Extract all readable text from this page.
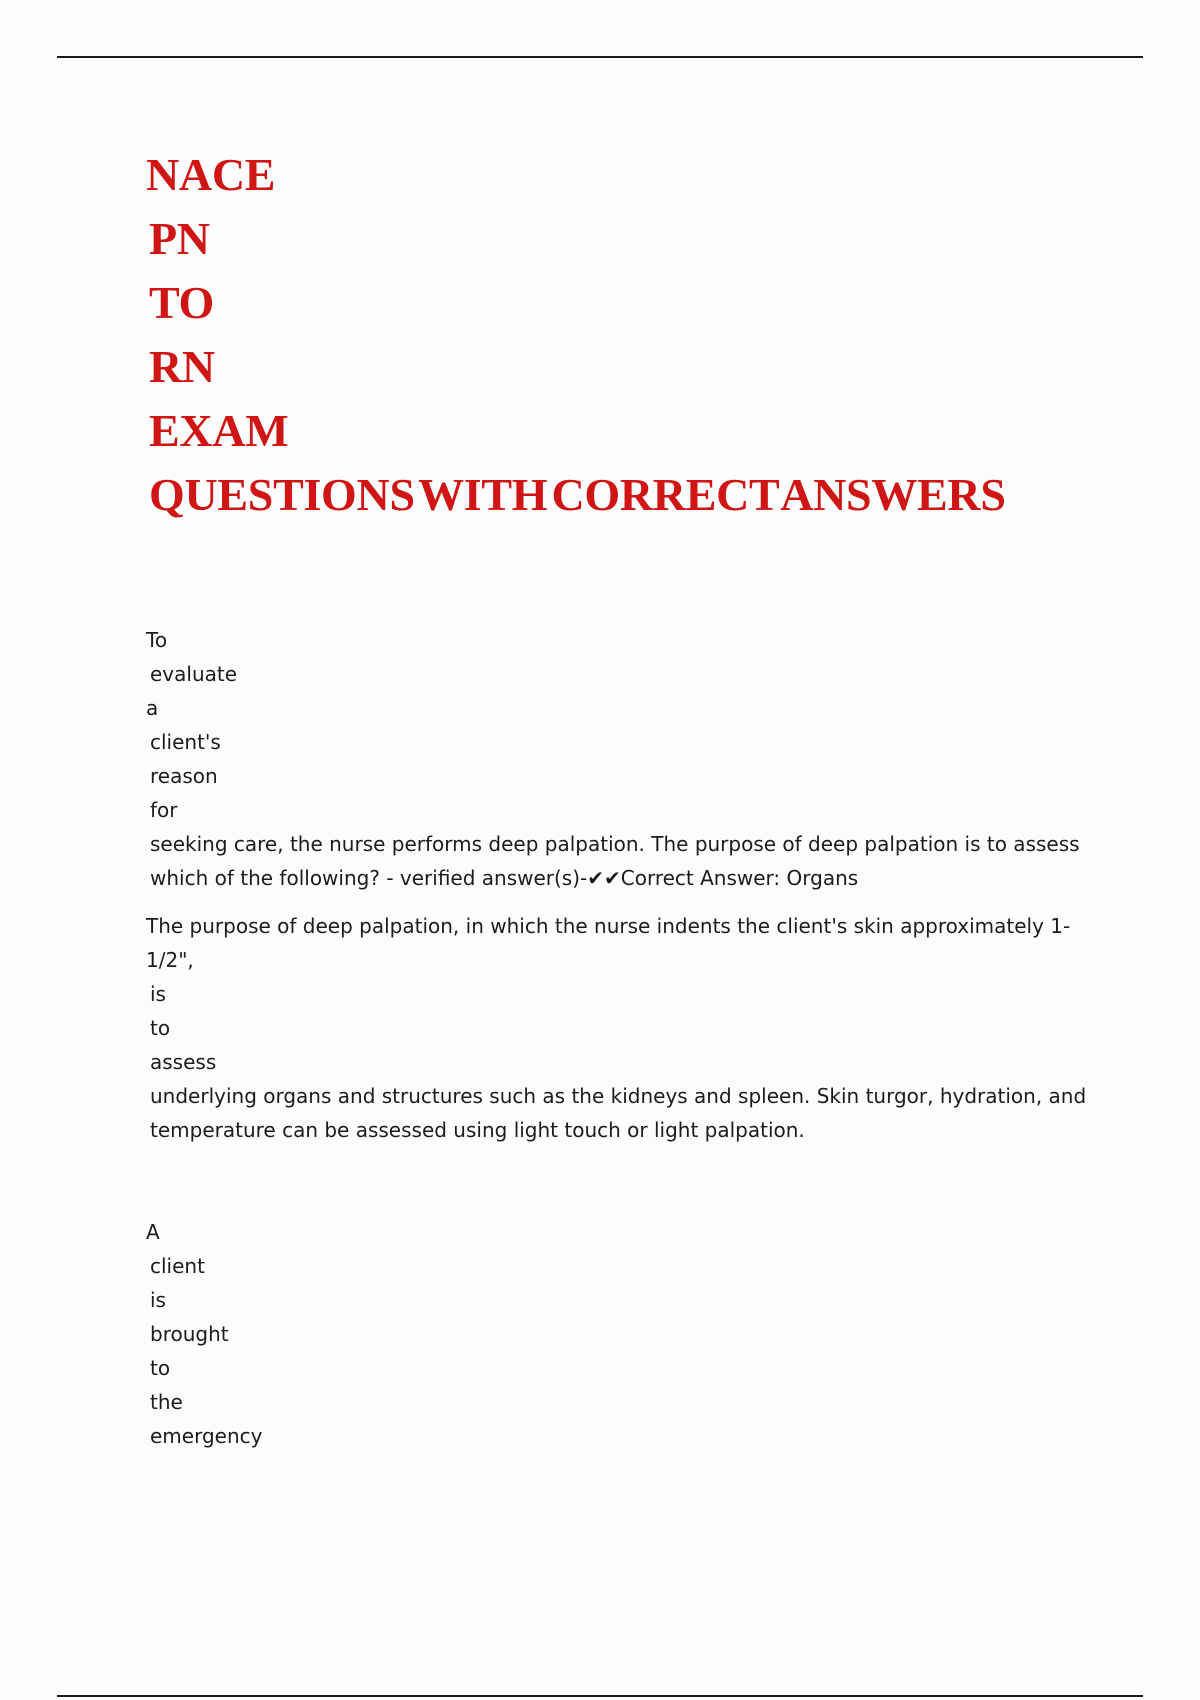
NACE
PN
TO
RN
EXAM
QUESTIONS WITH CORRECT ANSWERS
To
evaluate
a
client's
reason
for
seeking care, the nurse performs deep palpation. The purpose of deep palpation is to assess which of the following? - verified answer(s)-✔✔Correct Answer: Organs
The purpose of deep palpation, in which the nurse indents the client's skin approximately 1-1/2",
is
to
assess
underlying organs and structures such as the kidneys and spleen. Skin turgor, hydration, and temperature can be assessed using light touch or light palpation.
A
client
is
brought
to
the
emergency
